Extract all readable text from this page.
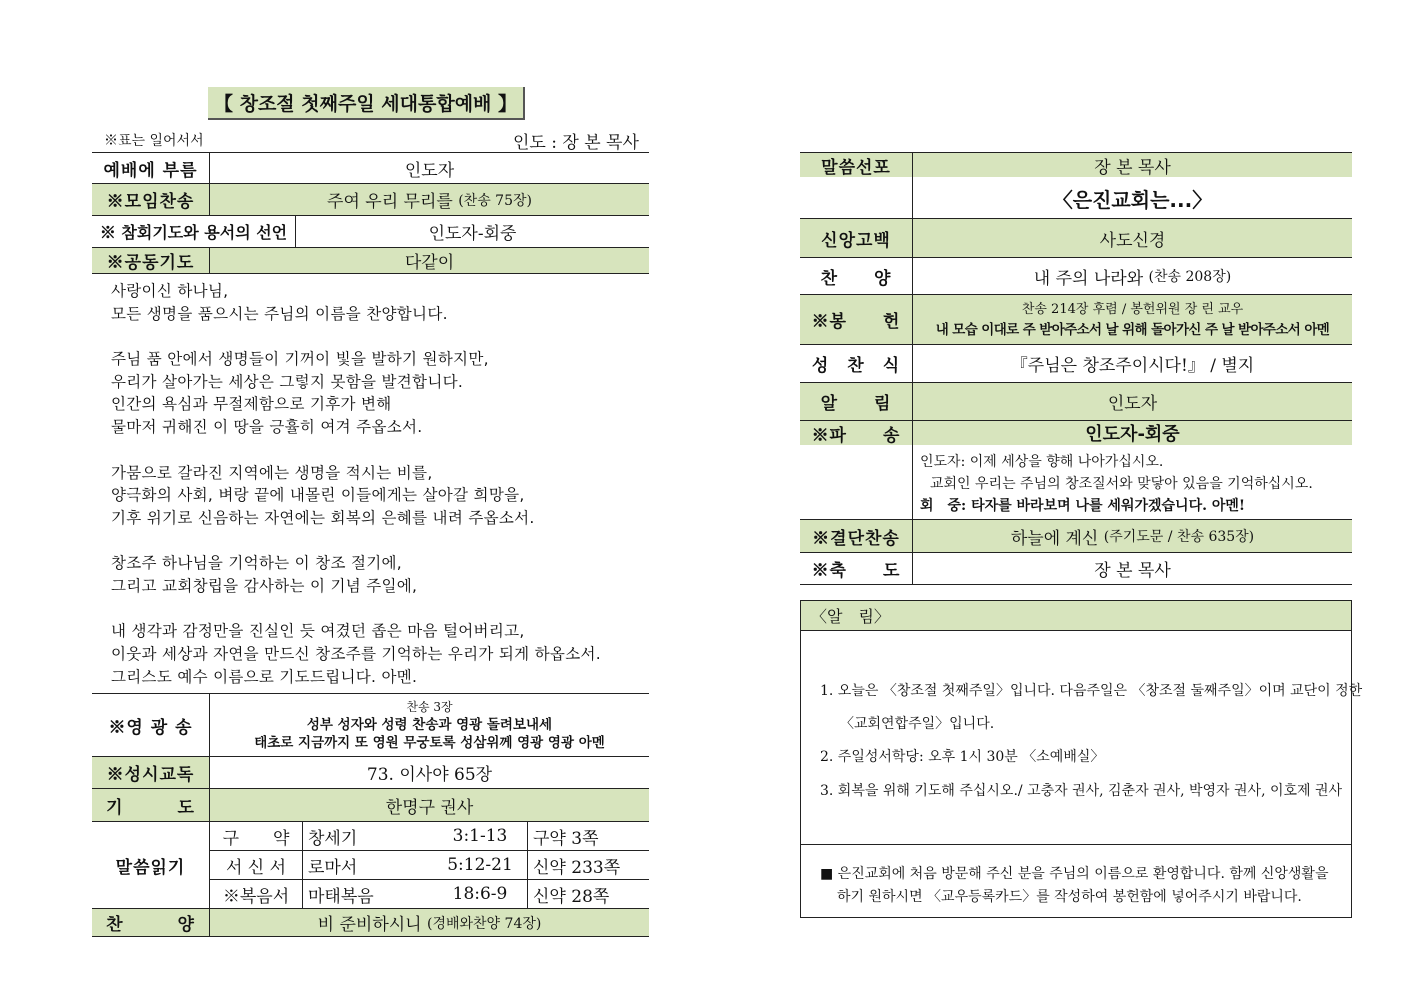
【 창조절 첫째주일 세대통합예배 】
※표는 일어서서	인도 : 장 본 목사
예배에 부름	인도자
※모임찬송	주여 우리 무리를
(찬송 75장)
※ 참회기도와 용서의 선언	인도자-회중
※공동기도	다같이
사랑이신 하나님,
모든 생명을 품으시는 주님의 이름을 찬양합니다.
주님 품 안에서 생명들이 기꺼이 빛을 발하기 원하지만,
우리가 살아가는 세상은 그렇지 못함을 발견합니다.
인간의 욕심과 무절제함으로 기후가 변해
물마저 귀해진 이 땅을 긍휼히 여겨 주옵소서.
가뭄으로 갈라진 지역에는 생명을 적시는 비를,
양극화의 사회, 벼랑 끝에 내몰린 이들에게는 살아갈 희망을,
기후 위기로 신음하는 자연에는 회복의 은혜를 내려 주옵소서.
창조주 하나님을 기억하는 이 창조 절기에,
그리고 교회창립을 감사하는 이 기념 주일에,
내 생각과 감정만을 진실인 듯 여겼던 좁은 마음 털어버리고,
이웃과 세상과 자연을 만드신 창조주를 기억하는 우리가 되게 하옵소서.
그리스도 예수 이름으로 기도드립니다. 아멘.
※영 광 송
찬송 3장
성부 성자와 성령 찬송과 영광 돌려보내세
태초로 지금까지 또 영원 무궁토록 성삼위께 영광 영광 아멘
※성시교독	73. 이사야 65장
기　　　도	한명구 권사
말씀읽기
구　　약	창세기	3:1-13	구약 3쪽
서 신 서	로마서	5:12-21	신약 233쪽
※복음서	마태복음	18:6-9	신약 28쪽
찬　　　양	비 준비하시니
(경배와찬양 74장)
말씀선포	장 본 목사
〈은진교회는...〉
신앙고백	사도신경
찬　　양	내 주의 나라와
(찬송 208장)
※봉　　헌
찬송 214장 후렴 / 봉헌위원 장 린 교우
내 모습 이대로 주 받아주소서 날 위해 돌아가신 주 날 받아주소서 아멘
성　찬　식	『주님은 창조주이시다!』 / 별지
알　　림	인도자
※파　　송	인도자-회중
인도자: 이제 세상을 향해 나아가십시오.
교회인 우리는 주님의 창조질서와 맞닿아 있음을 기억하십시오.
회　중: 타자를 바라보며 나를 세워가겠습니다. 아멘!
※결단찬송	하늘에 계신
(주기도문 / 찬송 635장)
※축　　도	장 본 목사
〈알　림〉
1. 오늘은 〈창조절 첫째주일〉입니다. 다음주일은 〈창조절 둘째주일〉이며 교단이 정한
〈교회연합주일〉입니다.
2. 주일성서학당: 오후 1시 30분 〈소예배실〉
3. 회복을 위해 기도해 주십시오./ 고충자 권사, 김춘자 권사, 박영자 권사, 이호제 권사
■ 은진교회에 처음 방문해 주신 분을 주님의 이름으로 환영합니다. 함께 신앙생활을
하기 원하시면 〈교우등록카드〉를 작성하여 봉헌함에 넣어주시기 바랍니다.
